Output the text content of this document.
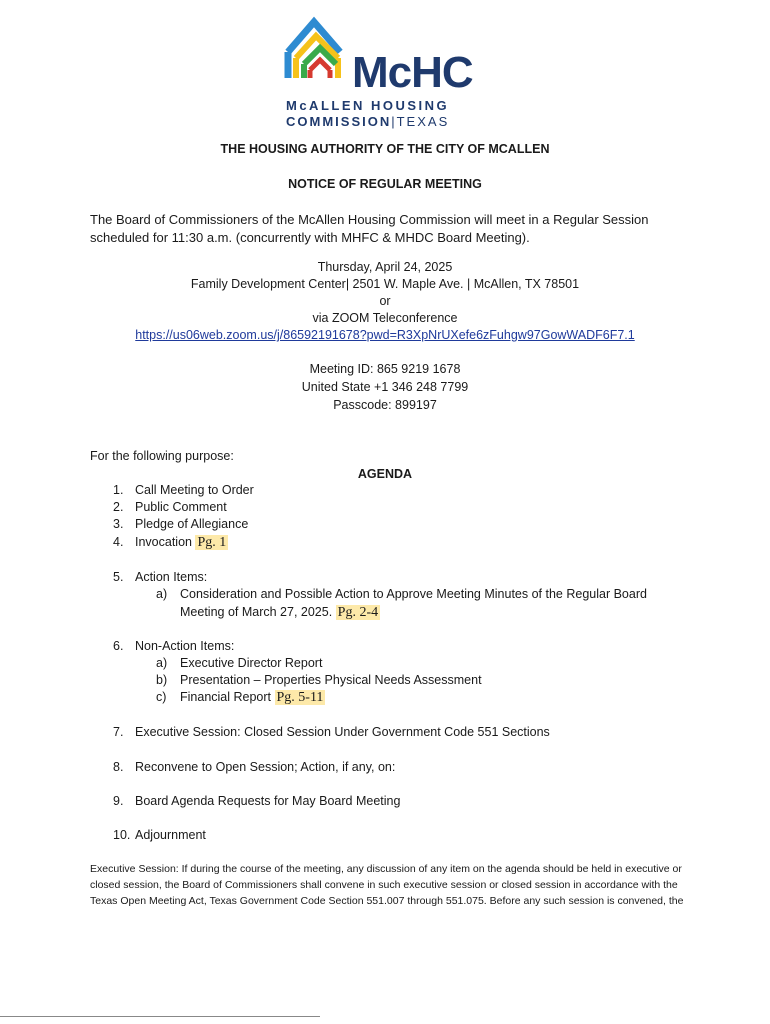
McHC
McALLEN HOUSING
COMMISSION|TEXAS
THE HOUSING AUTHORITY OF THE CITY OF MCALLEN
NOTICE OF REGULAR MEETING
The Board of Commissioners of the McAllen Housing Commission will meet in a Regular Session
scheduled for 11:30 a.m. (concurrently with MHFC & MHDC Board Meeting).
Thursday, April 24, 2025
Family Development Center| 2501 W. Maple Ave. | McAllen, TX 78501
or
via ZOOM Teleconference
https://us06web.zoom.us/j/86592191678?pwd=R3XpNrUXefe6zFuhgw97GowWADF6F7.1
Meeting ID: 865 9219 1678
United State +1 346 248 7799
Passcode: 899197
For the following purpose:
AGENDA
1. Call Meeting to Order
2. Public Comment
3. Pledge of Allegiance
4. Invocation Pg. 1
5. Action Items:
a) Consideration and Possible Action to Approve Meeting Minutes of the Regular Board
Meeting of March 27, 2025. Pg. 2-4
6. Non-Action Items:
a) Executive Director Report
b) Presentation – Properties Physical Needs Assessment
c) Financial Report Pg. 5-11
7. Executive Session: Closed Session Under Government Code 551 Sections
8. Reconvene to Open Session; Action, if any, on:
9. Board Agenda Requests for May Board Meeting
10. Adjournment
Executive Session: If during the course of the meeting, any discussion of any item on the agenda should be held in executive or
closed session, the Board of Commissioners shall convene in such executive session or closed session in accordance with the
Texas Open Meeting Act, Texas Government Code Section 551.007 through 551.075. Before any such session is convened, the
